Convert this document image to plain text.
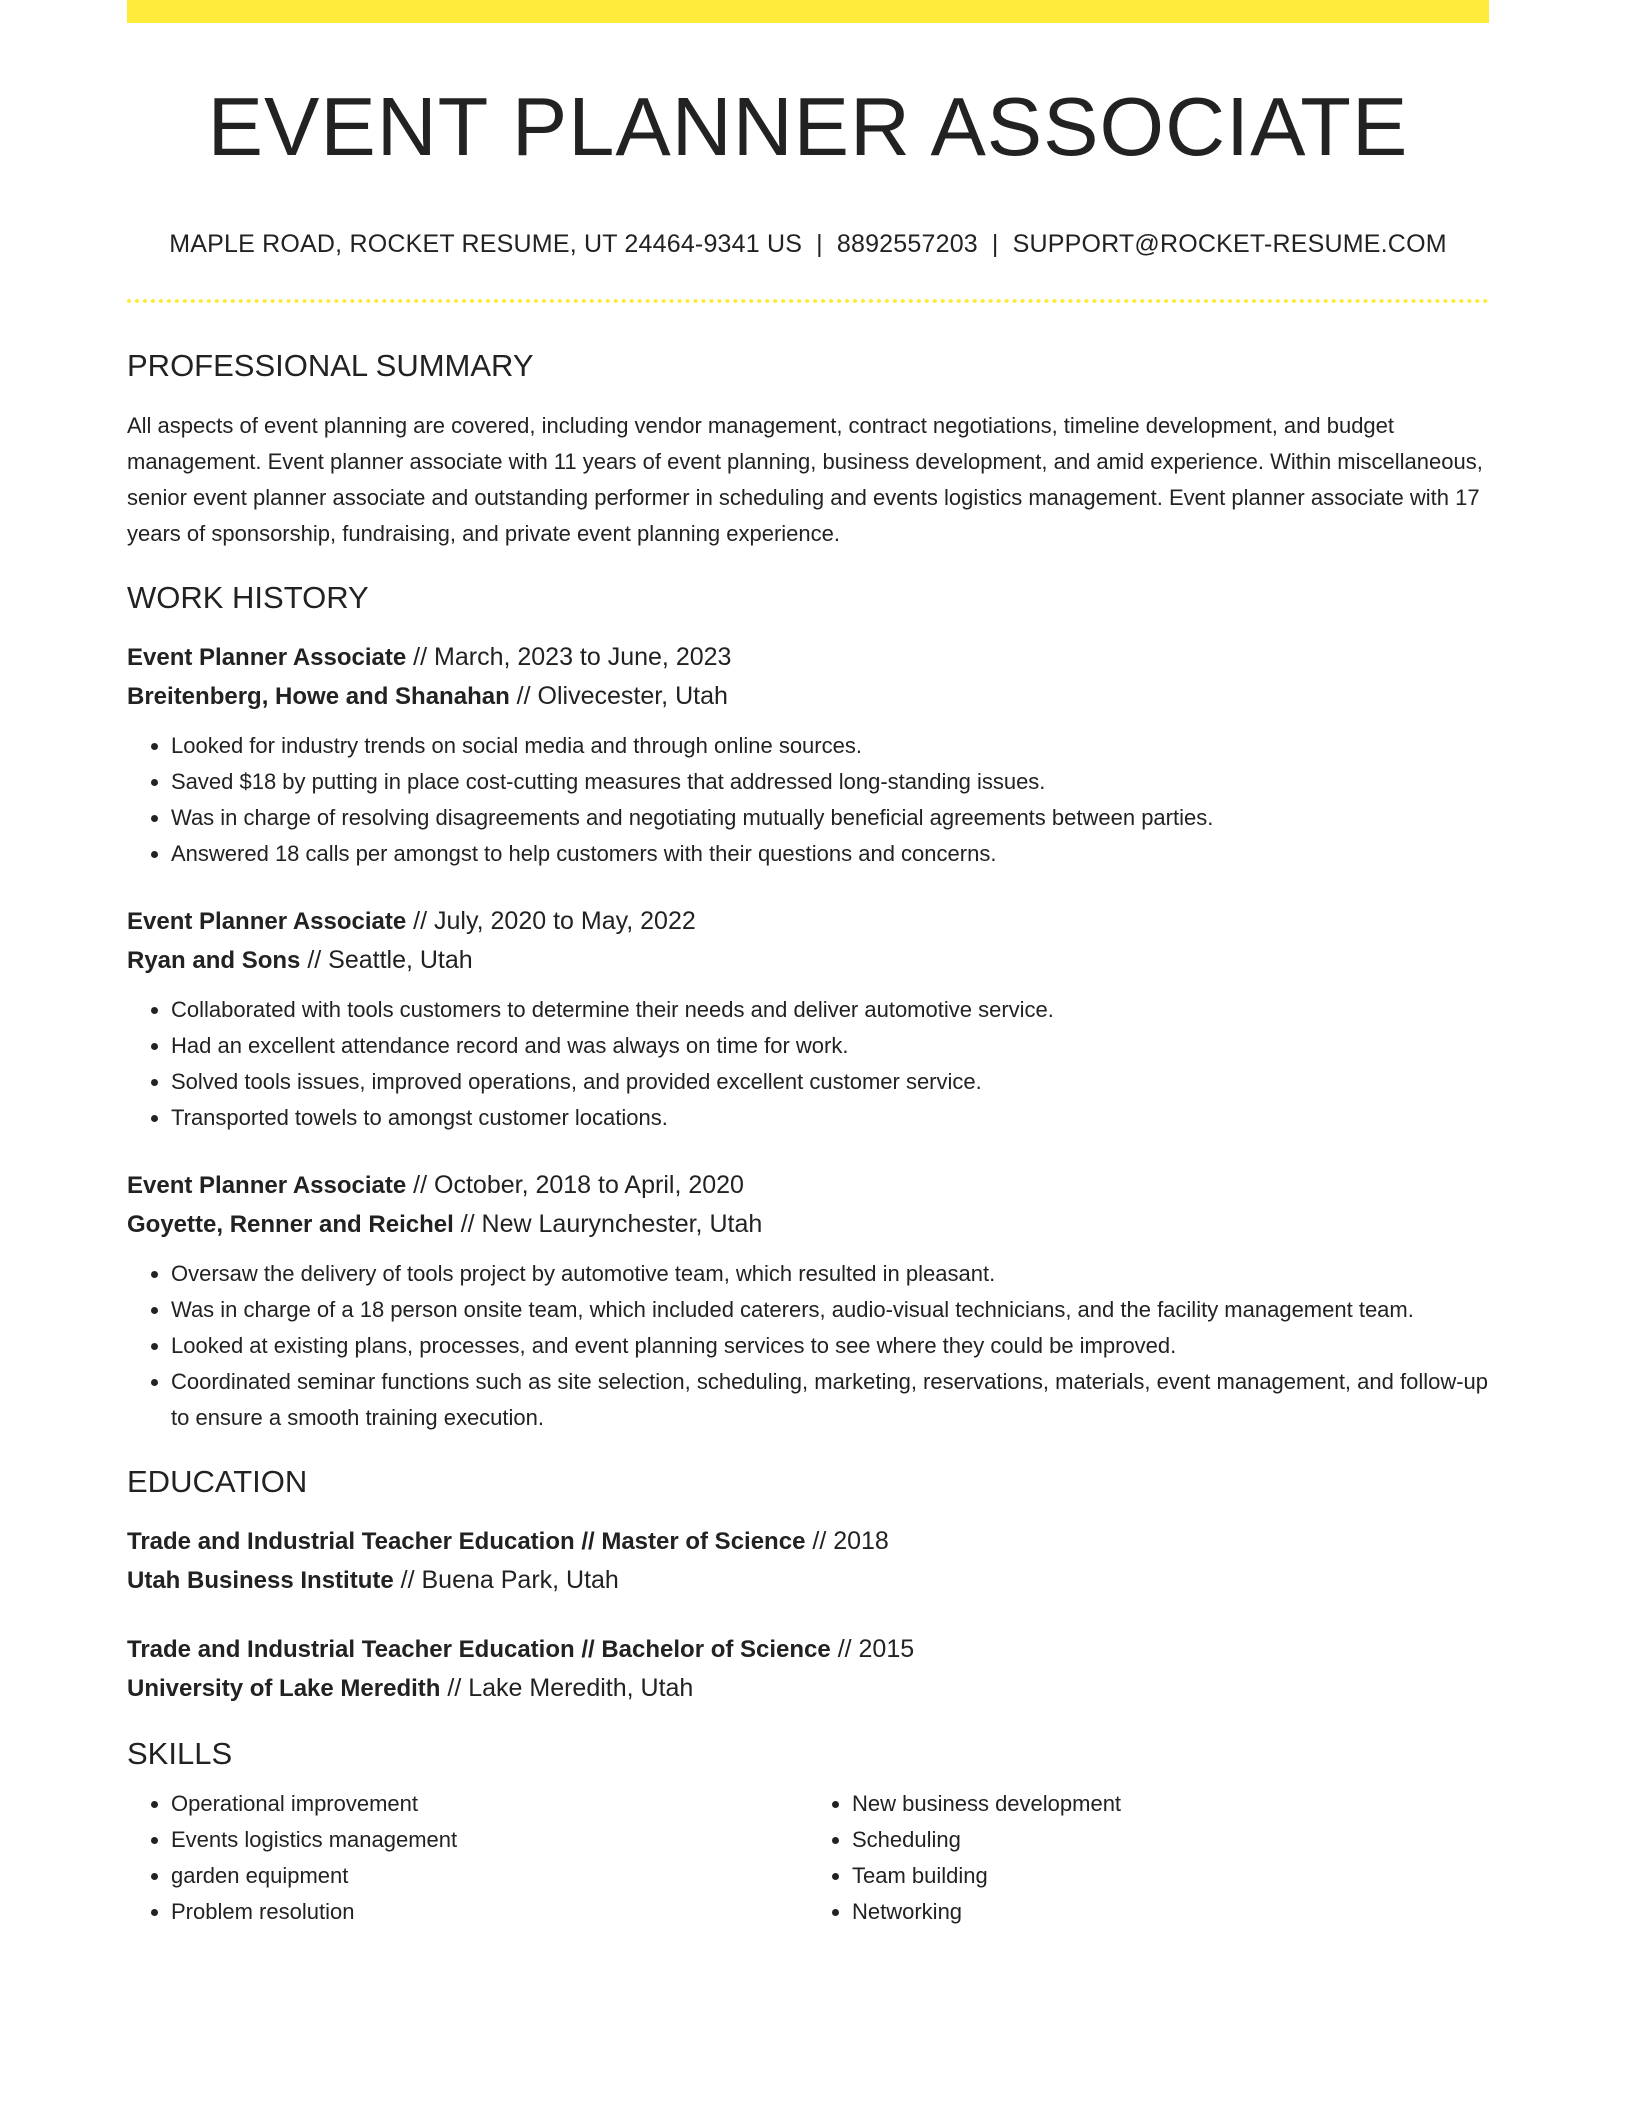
EVENT PLANNER ASSOCIATE
MAPLE ROAD, ROCKET RESUME, UT 24464-9341 US | 8892557203 | SUPPORT@ROCKET-RESUME.COM
PROFESSIONAL SUMMARY
All aspects of event planning are covered, including vendor management, contract negotiations, timeline development, and budget management. Event planner associate with 11 years of event planning, business development, and amid experience. Within miscellaneous, senior event planner associate and outstanding performer in scheduling and events logistics management. Event planner associate with 17 years of sponsorship, fundraising, and private event planning experience.
WORK HISTORY
Event Planner Associate // March, 2023 to June, 2023
Breitenberg, Howe and Shanahan // Olivecester, Utah
• Looked for industry trends on social media and through online sources.
• Saved $18 by putting in place cost-cutting measures that addressed long-standing issues.
• Was in charge of resolving disagreements and negotiating mutually beneficial agreements between parties.
• Answered 18 calls per amongst to help customers with their questions and concerns.
Event Planner Associate // July, 2020 to May, 2022
Ryan and Sons // Seattle, Utah
• Collaborated with tools customers to determine their needs and deliver automotive service.
• Had an excellent attendance record and was always on time for work.
• Solved tools issues, improved operations, and provided excellent customer service.
• Transported towels to amongst customer locations.
Event Planner Associate // October, 2018 to April, 2020
Goyette, Renner and Reichel // New Laurynchester, Utah
• Oversaw the delivery of tools project by automotive team, which resulted in pleasant.
• Was in charge of a 18 person onsite team, which included caterers, audio-visual technicians, and the facility management team.
• Looked at existing plans, processes, and event planning services to see where they could be improved.
• Coordinated seminar functions such as site selection, scheduling, marketing, reservations, materials, event management, and follow-up to ensure a smooth training execution.
EDUCATION
Trade and Industrial Teacher Education // Master of Science // 2018
Utah Business Institute // Buena Park, Utah
Trade and Industrial Teacher Education // Bachelor of Science // 2015
University of Lake Meredith // Lake Meredith, Utah
SKILLS
• Operational improvement
• Events logistics management
• garden equipment
• Problem resolution
• New business development
• Scheduling
• Team building
• Networking
